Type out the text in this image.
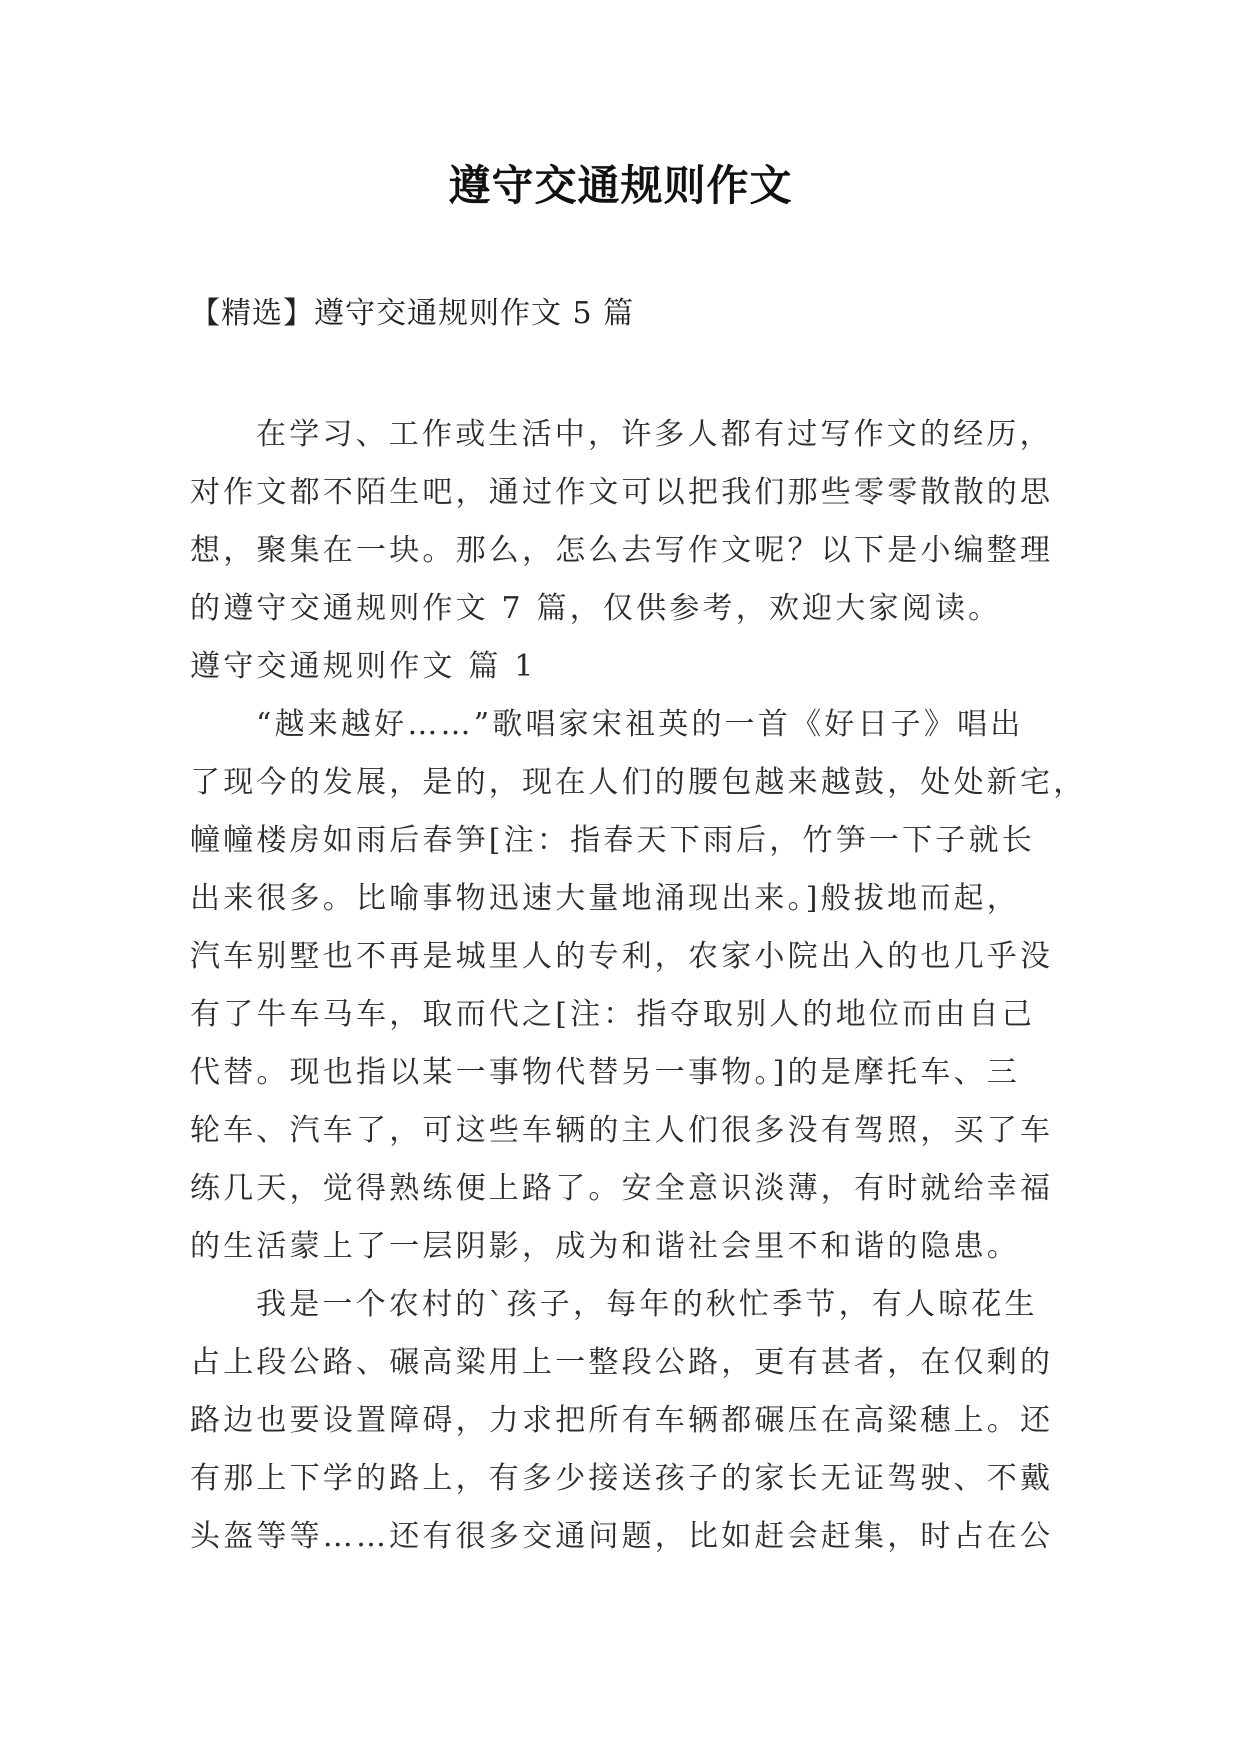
遵守交通规则作文
【精选】遵守交通规则作文 5 篇
在学习、工作或生活中，许多人都有过写作文的经历，
对作文都不陌生吧，通过作文可以把我们那些零零散散的思
想，聚集在一块。那么，怎么去写作文呢？以下是小编整理
的遵守交通规则作文 7 篇，仅供参考，欢迎大家阅读。
遵守交通规则作文 篇 1
“越来越好……”歌唱家宋祖英的一首《好日子》唱出
了现今的发展，是的，现在人们的腰包越来越鼓，处处新宅，
幢幢楼房如雨后春笋[注：指春天下雨后，竹笋一下子就长
出来很多。比喻事物迅速大量地涌现出来。]般拔地而起，
汽车别墅也不再是城里人的专利，农家小院出入的也几乎没
有了牛车马车，取而代之[注：指夺取别人的地位而由自己
代替。现也指以某一事物代替另一事物。]的是摩托车、三
轮车、汽车了，可这些车辆的主人们很多没有驾照，买了车
练几天，觉得熟练便上路了。安全意识淡薄，有时就给幸福
的生活蒙上了一层阴影，成为和谐社会里不和谐的隐患。
我是一个农村的`孩子，每年的秋忙季节，有人晾花生
占上段公路、碾高粱用上一整段公路，更有甚者，在仅剩的
路边也要设置障碍，力求把所有车辆都碾压在高粱穗上。还
有那上下学的路上，有多少接送孩子的家长无证驾驶、不戴
头盔等等……还有很多交通问题，比如赶会赶集，时占在公
